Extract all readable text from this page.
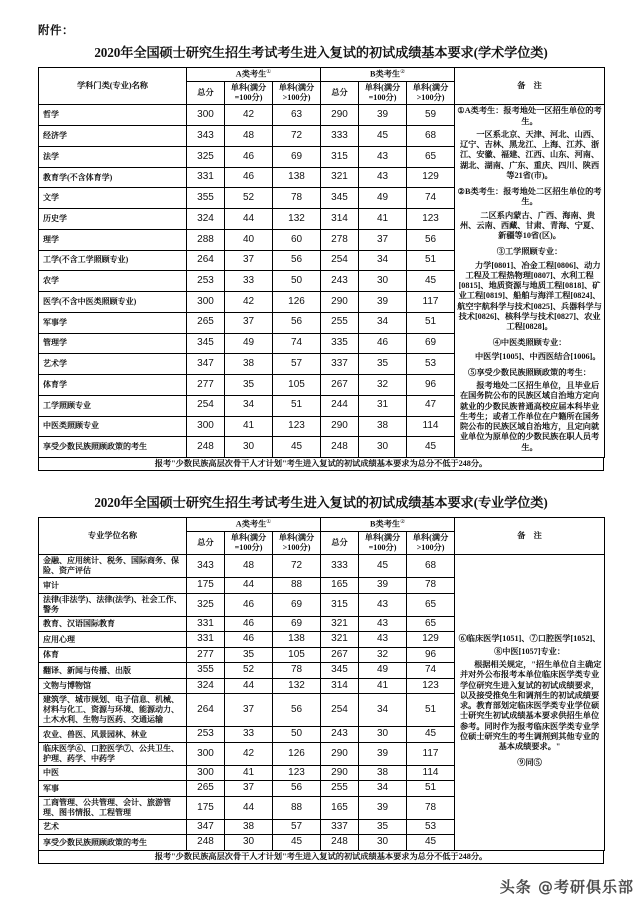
附件：
2020年全国硕士研究生招生考试考生进入复试的初试成绩基本要求(学术学位类)
学科门类(专业)名称	A类考生①			B类考生②			备　注
	总分	单科(满分=100分)	单科(满分>100分)	总分	单科(满分=100分)	单科(满分>100分)	
哲学	300	42	63	290	39	59	①A类考生：报考地处一区招生单位的考生。

一区系北京、天津、河北、山西、辽宁、吉林、黑龙江、上海、江苏、浙江、安徽、福建、江西、山东、河南、湖北、湖南、广东、重庆、四川、陕西等21省(市)。

②B类考生：报考地处二区招生单位的考生。

二区系内蒙古、广西、海南、贵州、云南、西藏、甘肃、青海、宁夏、新疆等10省(区)。

③工学照顾专业：

力学[0801]、冶金工程[0806]、动力工程及工程热物理[0807]、水利工程[0815]、地质资源与地质工程[0818]、矿业工程[0819]、船舶与海洋工程[0824]、航空宇航科学与技术[0825]、兵器科学与技术[0826]、核科学与技术[0827]、农业工程[0828]。

④中医类照顾专业：

中医学[1005]、中西医结合[1006]。

⑤享受少数民族照顾政策的考生：

报考地处二区招生单位，且毕业后在国务院公布的民族区域自治地方定向就业的少数民族普通高校应届本科毕业生考生；或者工作单位在户籍所在国务院公布的民族区域自治地方，且定向就业单位为原单位的少数民族在职人员考生。

经济学	343	48	72	333	45	68	
法学	325	46	69	315	43	65	
教育学(不含体育学)	331	46	138	321	43	129	
文学	355	52	78	345	49	74	
历史学	324	44	132	314	41	123	
理学	288	40	60	278	37	56	
工学(不含工学照顾专业)	264	37	56	254	34	51	
农学	253	33	50	243	30	45	
医学(不含中医类照顾专业)	300	42	126	290	39	117	
军事学	265	37	56	255	34	51	
管理学	345	49	74	335	46	69	
艺术学	347	38	57	337	35	53	
体育学	277	35	105	267	32	96	
工学照顾专业	254	34	51	244	31	47	
中医类照顾专业	300	41	123	290	38	114	
享受少数民族照顾政策的考生	248	30	45	248	30	45	
报考"少数民族高层次骨干人才计划"考生进入复试的初试成绩基本要求为总分不低于248分。
2020年全国硕士研究生招生考试考生进入复试的初试成绩基本要求(专业学位类)
专业学位名称	A类考生①			B类考生②			备　注
	总分	单科(满分=100分)	单科(满分>100分)	总分	单科(满分=100分)	单科(满分>100分)	
金融、应用统计、税务、国际商务、保险、资产评估	343	48	72	333	45	68	⑥临床医学[1051]、⑦口腔医学[1052]、

⑧中医[1057]专业：

根据相关规定，"招生单位自主确定并对外公布报考本单位临床医学类专业学位研究生进入复试的初试成绩要求，以及接受推免生和调剂生的初试成绩要求。教育部划定临床医学类专业学位硕士研究生初试成绩基本要求供招生单位参考。同时作为报考临床医学类专业学位硕士研究生的考生调剂到其他专业的基本成绩要求。"

⑨同⑤

审计	175	44	88	165	39	78	
法律(非法学)、法律(法学)、社会工作、警务	325	46	69	315	43	65	
教育、汉语国际教育	331	46	69	321	43	65	
应用心理	331	46	138	321	43	129	
体育	277	35	105	267	32	96	
翻译、新闻与传播、出版	355	52	78	345	49	74	
文物与博物馆	324	44	132	314	41	123	
建筑学、城市规划、电子信息、机械、材料与化工、资源与环境、能源动力、土木水利、生物与医药、交通运输	264	37	56	254	34	51	
农业、兽医、风景园林、林业	253	33	50	243	30	45	
临床医学⑥、口腔医学⑦、公共卫生、护理、药学、中药学	300	42	126	290	39	117	
中医	300	41	123	290	38	114	
军事	265	37	56	255	34	51	
工商管理、公共管理、会计、旅游管理、图书情报、工程管理	175	44	88	165	39	78	
艺术	347	38	57	337	35	53	
享受少数民族照顾政策的考生	248	30	45	248	30	45	
报考"少数民族高层次骨干人才计划"考生进入复试的初试成绩基本要求为总分不低于248分。
头条 @考研俱乐部
